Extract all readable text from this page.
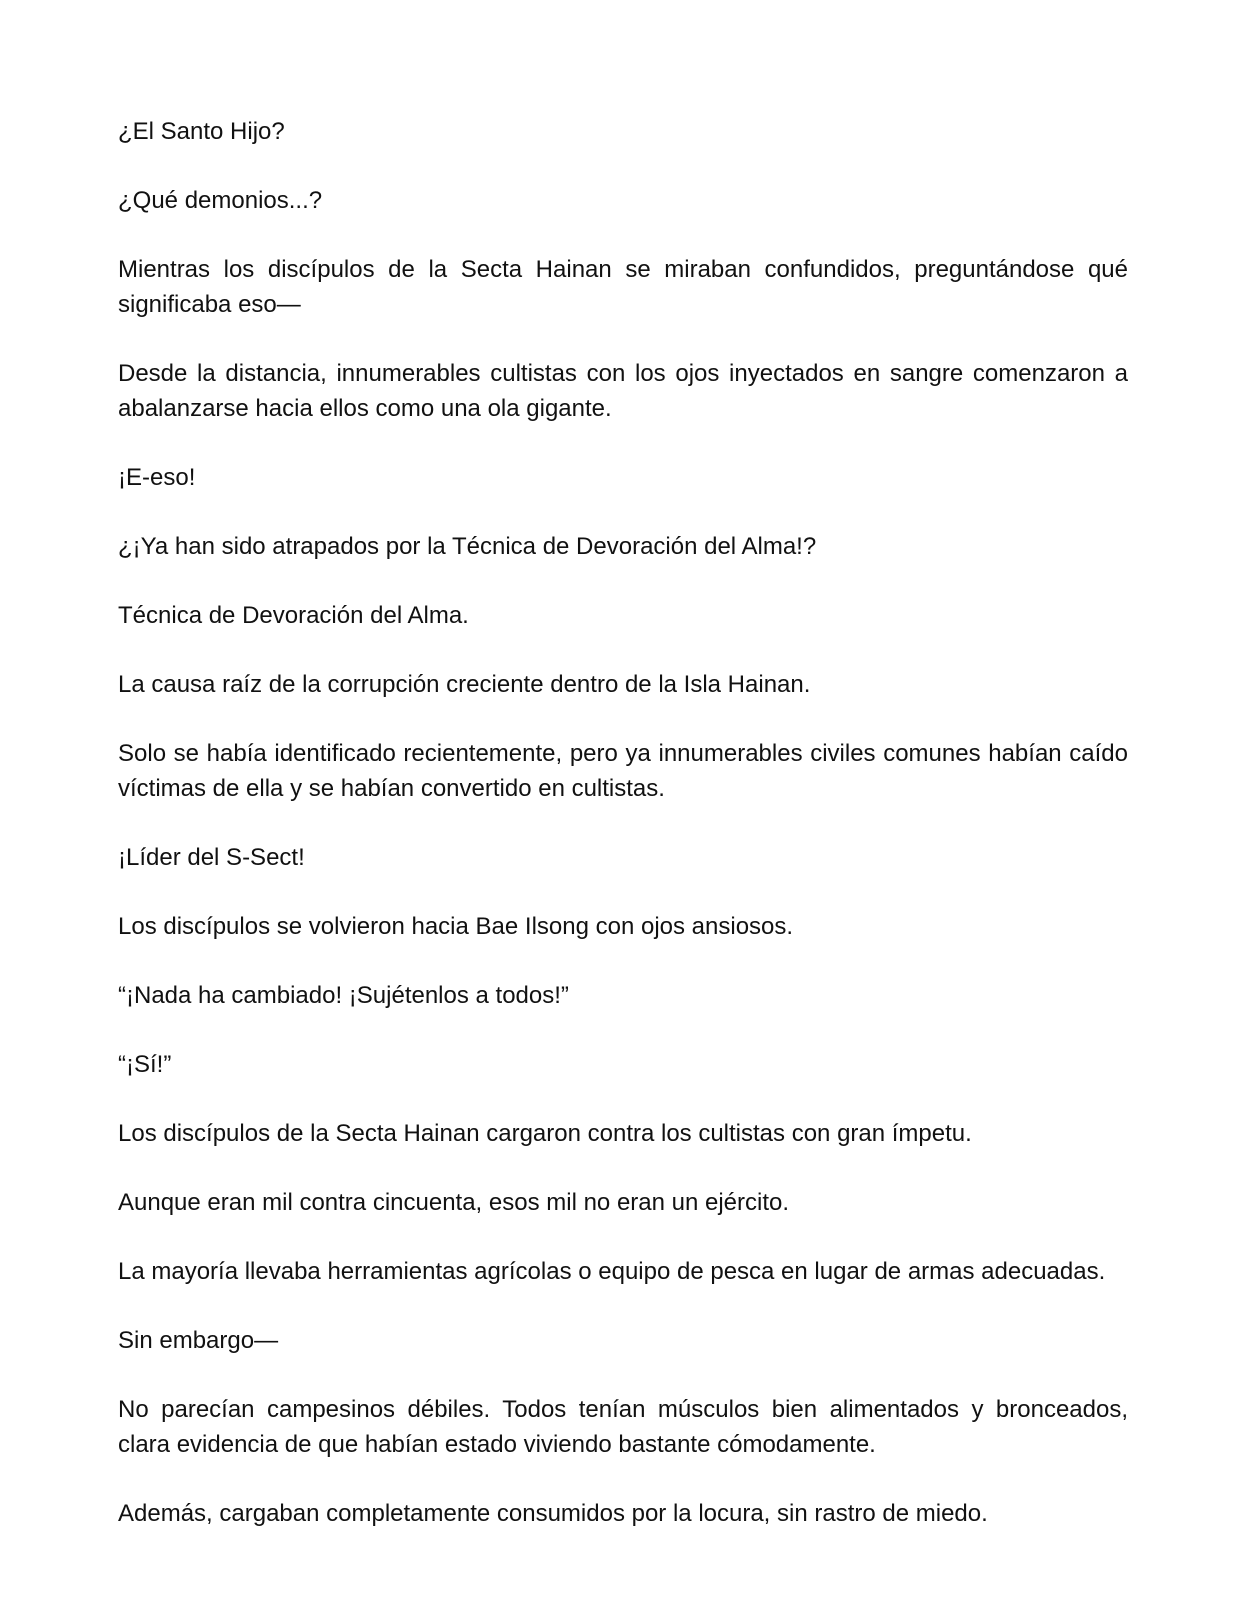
¿El Santo Hijo?

¿Qué demonios...?

Mientras los discípulos de la Secta Hainan se miraban confundidos, preguntándose qué significaba eso—

Desde la distancia, innumerables cultistas con los ojos inyectados en sangre comenzaron a abalanzarse hacia ellos como una ola gigante.

¡E-eso!

¿¡Ya han sido atrapados por la Técnica de Devoración del Alma!?

Técnica de Devoración del Alma.

La causa raíz de la corrupción creciente dentro de la Isla Hainan.

Solo se había identificado recientemente, pero ya innumerables civiles comunes habían caído víctimas de ella y se habían convertido en cultistas.

¡Líder del S-Sect!

Los discípulos se volvieron hacia Bae Ilsong con ojos ansiosos.

“¡Nada ha cambiado! ¡Sujétenlos a todos!”

“¡Sí!”

Los discípulos de la Secta Hainan cargaron contra los cultistas con gran ímpetu.

Aunque eran mil contra cincuenta, esos mil no eran un ejército.

La mayoría llevaba herramientas agrícolas o equipo de pesca en lugar de armas adecuadas.

Sin embargo—

No parecían campesinos débiles. Todos tenían músculos bien alimentados y bronceados, clara evidencia de que habían estado viviendo bastante cómodamente.

Además, cargaban completamente consumidos por la locura, sin rastro de miedo.
